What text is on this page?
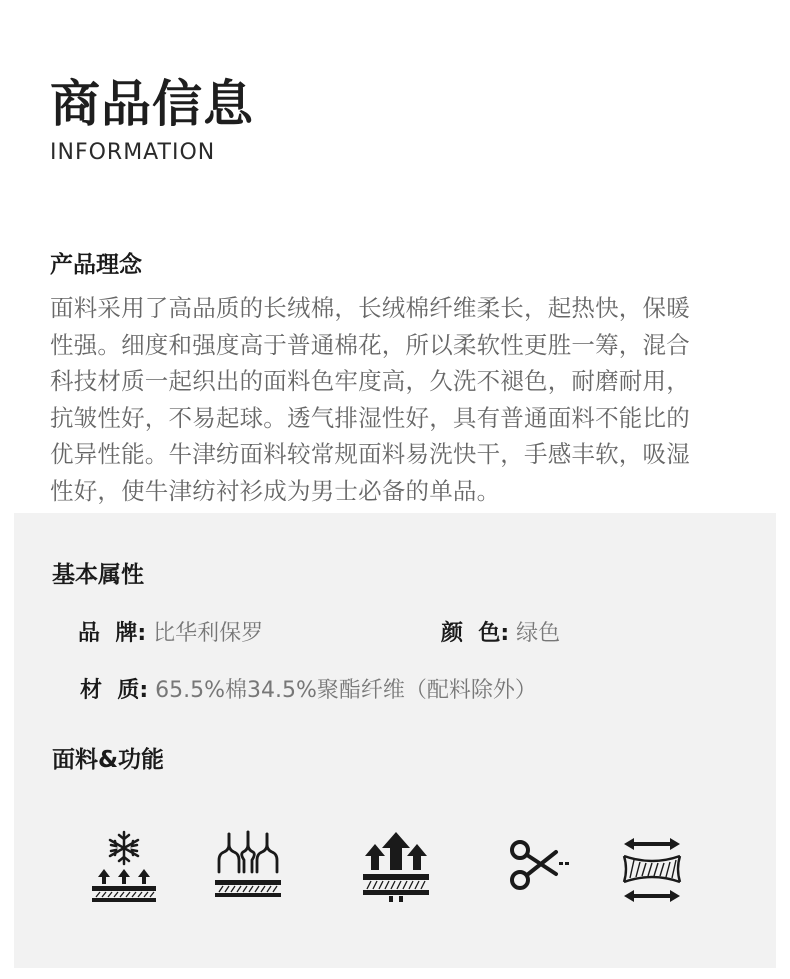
商品信息
INFORMATION
产品理念
面料采用了高品质的长绒棉，长绒棉纤维柔长，起热快，保暖
性强。细度和强度高于普通棉花，所以柔软性更胜一筹，混合
科技材质一起织出的面料色牢度高，久洗不褪色，耐磨耐用，
抗皱性好，不易起球。透气排湿性好，具有普通面料不能比的
优异性能。牛津纺面料较常规面料易洗快干，手感丰软，吸湿
性好，使牛津纺衬衫成为男士必备的单品。
基本属性
品  牌: 比华利保罗	颜  色: 绿色
材  质: 65.5%棉34.5%聚酯纤维（配料除外）
面料&功能
